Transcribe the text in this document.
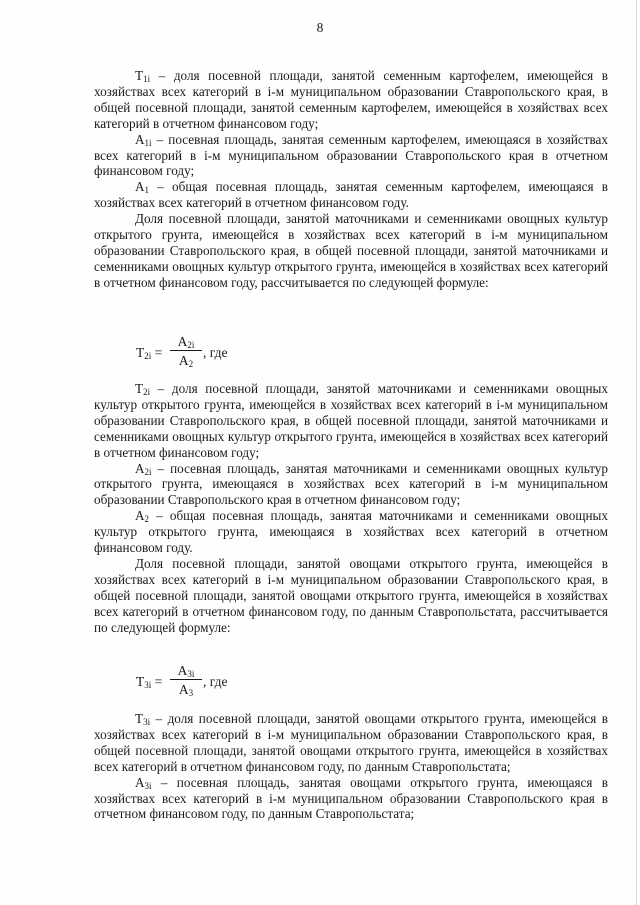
8

$T_{1i}$ – доля посевной площади, занятой семенным картофелем, имеющейся в хозяйствах всех категорий в i-м муниципальном образовании Ставропольского края, в общей посевной площади, занятой семенным картофелем, имеющейся в хозяйствах всех категорий в отчетном финансовом году;

$A_{1i}$ – посевная площадь, занятая семенным картофелем, имеющаяся в хозяйствах всех категорий в i-м муниципальном образовании Ставропольского края в отчетном финансовом году;

$A_1$ – общая посевная площадь, занятая семенным картофелем, имеющаяся в хозяйствах всех категорий в отчетном финансовом году.

Доля посевной площади, занятой маточниками и семенниками овощных культур открытого грунта, имеющейся в хозяйствах всех категорий в i-м муниципальном образовании Ставропольского края, в общей посевной площади, занятой маточниками и семенниками овощных культур открытого грунта, имеющейся в хозяйствах всех категорий в отчетном финансовом году, рассчитывается по следующей формуле:

$T_{2i} = \frac{A_{2i}}{A_2}$ , где

$T_{2i}$ – доля посевной площади, занятой маточниками и семенниками овощных культур открытого грунта, имеющейся в хозяйствах всех категорий в i-м муниципальном образовании Ставропольского края, в общей посевной площади, занятой маточниками и семенниками овощных культур открытого грунта, имеющейся в хозяйствах всех категорий в отчетном финансовом году;

$A_{2i}$ – посевная площадь, занятая маточниками и семенниками овощных культур открытого грунта, имеющаяся в хозяйствах всех категорий в i-м муниципальном образовании Ставропольского края в отчетном финансовом году;

$A_2$ – общая посевная площадь, занятая маточниками и семенниками овощных культур открытого грунта, имеющаяся в хозяйствах всех категорий в отчетном финансовом году.

Доля посевной площади, занятой овощами открытого грунта, имеющейся в хозяйствах всех категорий в i-м муниципальном образовании Ставропольского края, в общей посевной площади, занятой овощами открытого грунта, имеющейся в хозяйствах всех категорий в отчетном финансовом году, по данным Ставропольстата, рассчитывается по следующей формуле:

$T_{3i} = \frac{A_{3i}}{A_3}$ , где

$T_{3i}$ – доля посевной площади, занятой овощами открытого грунта, имеющейся в хозяйствах всех категорий в i-м муниципальном образовании Ставропольского края, в общей посевной площади, занятой овощами открытого грунта, имеющейся в хозяйствах всех категорий в отчетном финансовом году, по данным Ставропольстата;

$A_{3i}$ – посевная площадь, занятая овощами открытого грунта, имеющаяся в хозяйствах всех категорий в i-м муниципальном образовании Ставропольского края в отчетном финансовом году, по данным Ставропольстата;
